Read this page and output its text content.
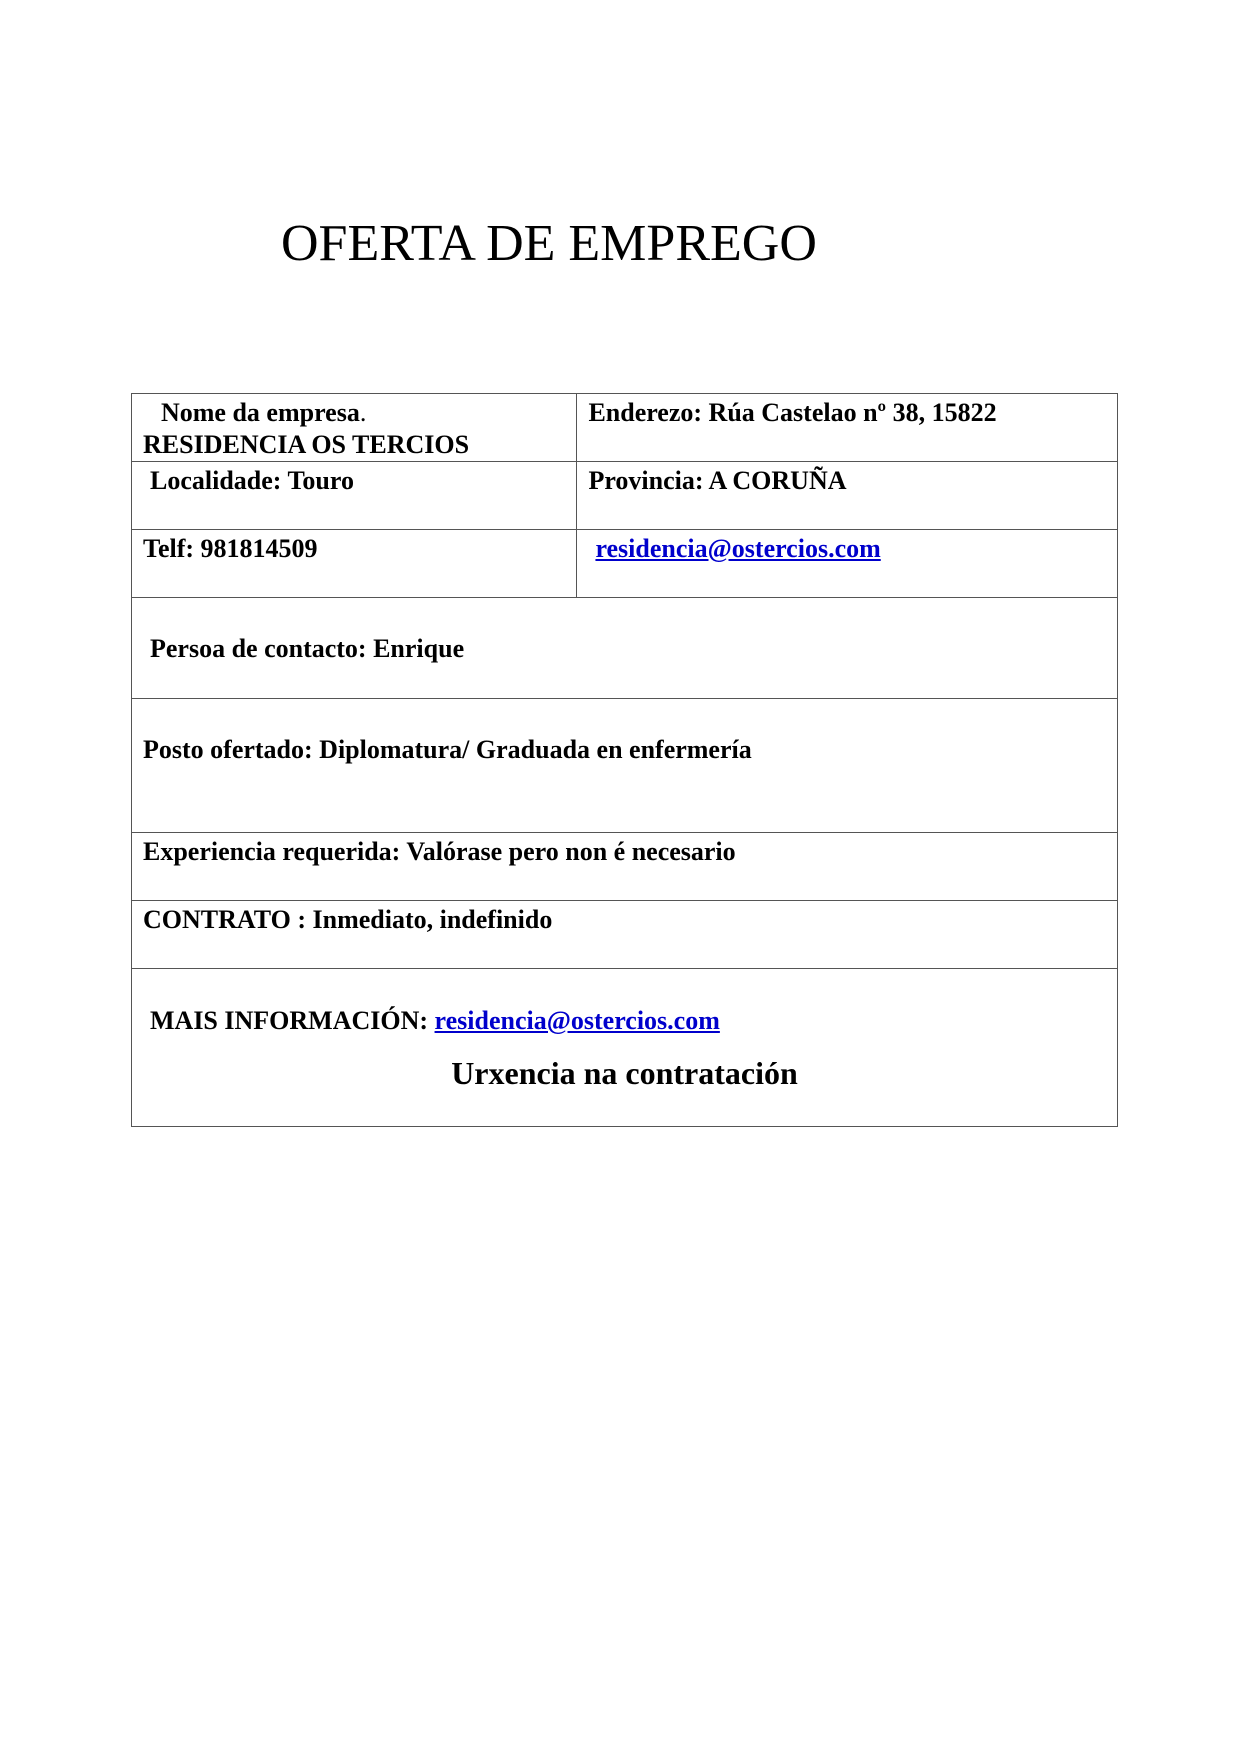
OFERTA DE EMPREGO
Nome da empresa.
RESIDENCIA OS TERCIOS	Enderezo: Rúa Castelao nº 38, 15822

Localidade: Touro	Provincia: A CORUÑA

Telf: 981814509	residencia@ostercios.com

Persoa de contacto: Enrique	

Posto ofertado: Diplomatura/ Graduada en enfermería	

Experiencia requerida: Valórase pero non é necesario	

CONTRATO : Inmediato, indefinido	

MAIS INFORMACIÓN: residencia@ostercios.com
Urxencia na contratación	
